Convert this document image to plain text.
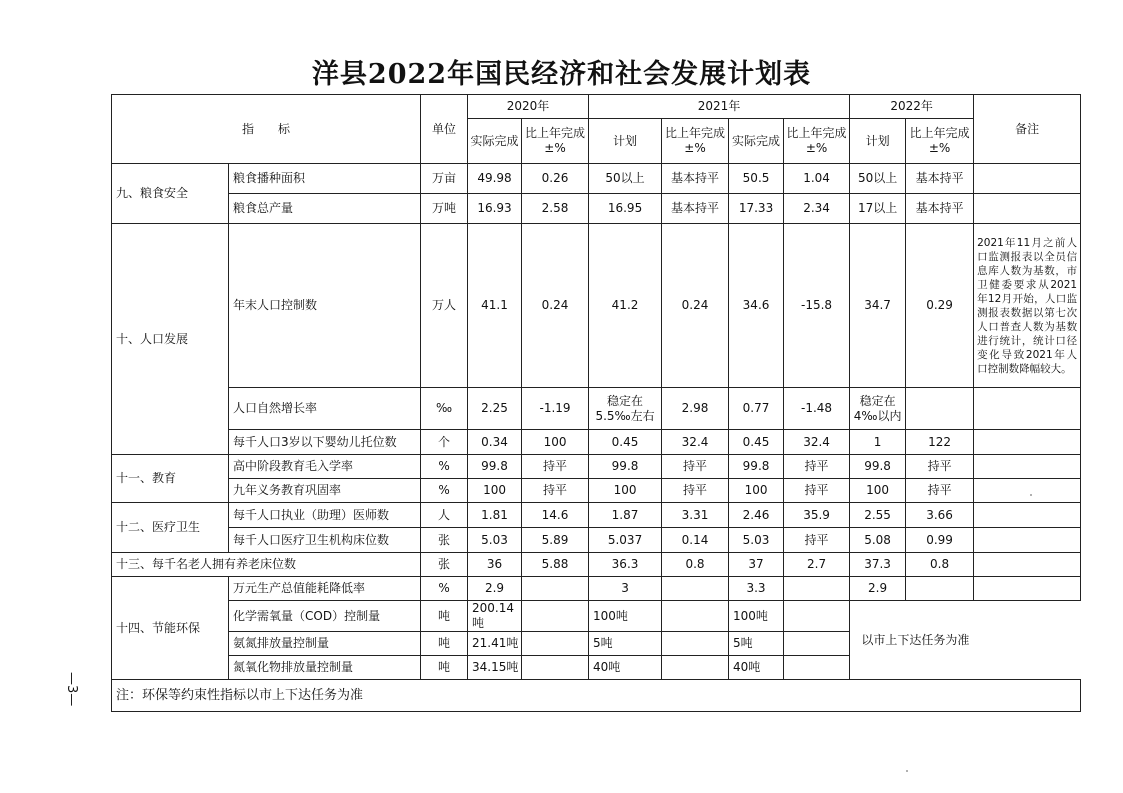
洋县2022年国民经济和社会发展计划表
指　　标		单位	2020年		2021年				2022年		备注
			实际完成	比上年完成±%	计划	比上年完成±%	实际完成	比上年完成±%	计划	比上年完成±%	
九、粮食安全	粮食播种面积	万亩	49.98	0.26	50以上	基本持平	50.5	1.04	50以上	基本持平	
	粮食总产量	万吨	16.93	2.58	16.95	基本持平	17.33	2.34	17以上	基本持平	
十、人口发展	年末人口控制数	万人	41.1	0.24	41.2	0.24	34.6	-15.8	34.7	0.29	2021年11月之前人口监测报表以全员信息库人数为基数，市卫健委要求从2021年12月开始，人口监测报表数据以第七次人口普查人数为基数进行统计，统计口径变化导致2021年人口控制数降幅较大。
	人口自然增长率	‰	2.25	-1.19	稳定在5.5‰左右	2.98	0.77	-1.48	稳定在4‰以内		
	每千人口3岁以下婴幼儿托位数	个	0.34	100	0.45	32.4	0.45	32.4	1	122	
十一、教育	高中阶段教育毛入学率	%	99.8	持平	99.8	持平	99.8	持平	99.8	持平	
	九年义务教育巩固率	%	100	持平	100	持平	100	持平	100	持平	
十二、医疗卫生	每千人口执业（助理）医师数	人	1.81	14.6	1.87	3.31	2.46	35.9	2.55	3.66	
	每千人口医疗卫生机构床位数	张	5.03	5.89	5.037	0.14	5.03	持平	5.08	0.99	
十三、每千名老人拥有养老床位数		张	36	5.88	36.3	0.8	37	2.7	37.3	0.8	
十四、节能环保	万元生产总值能耗降低率	%	2.9		3		3.3		2.9		
	化学需氧量（COD）控制量	吨	200.14吨		100吨		100吨		以市上下达任务为准		
	氨氮排放量控制量	吨	21.41吨		5吨		5吨				
	氮氧化物排放量控制量	吨	34.15吨		40吨		40吨				
注：环保等约束性指标以市上下达任务为准											
—3—
